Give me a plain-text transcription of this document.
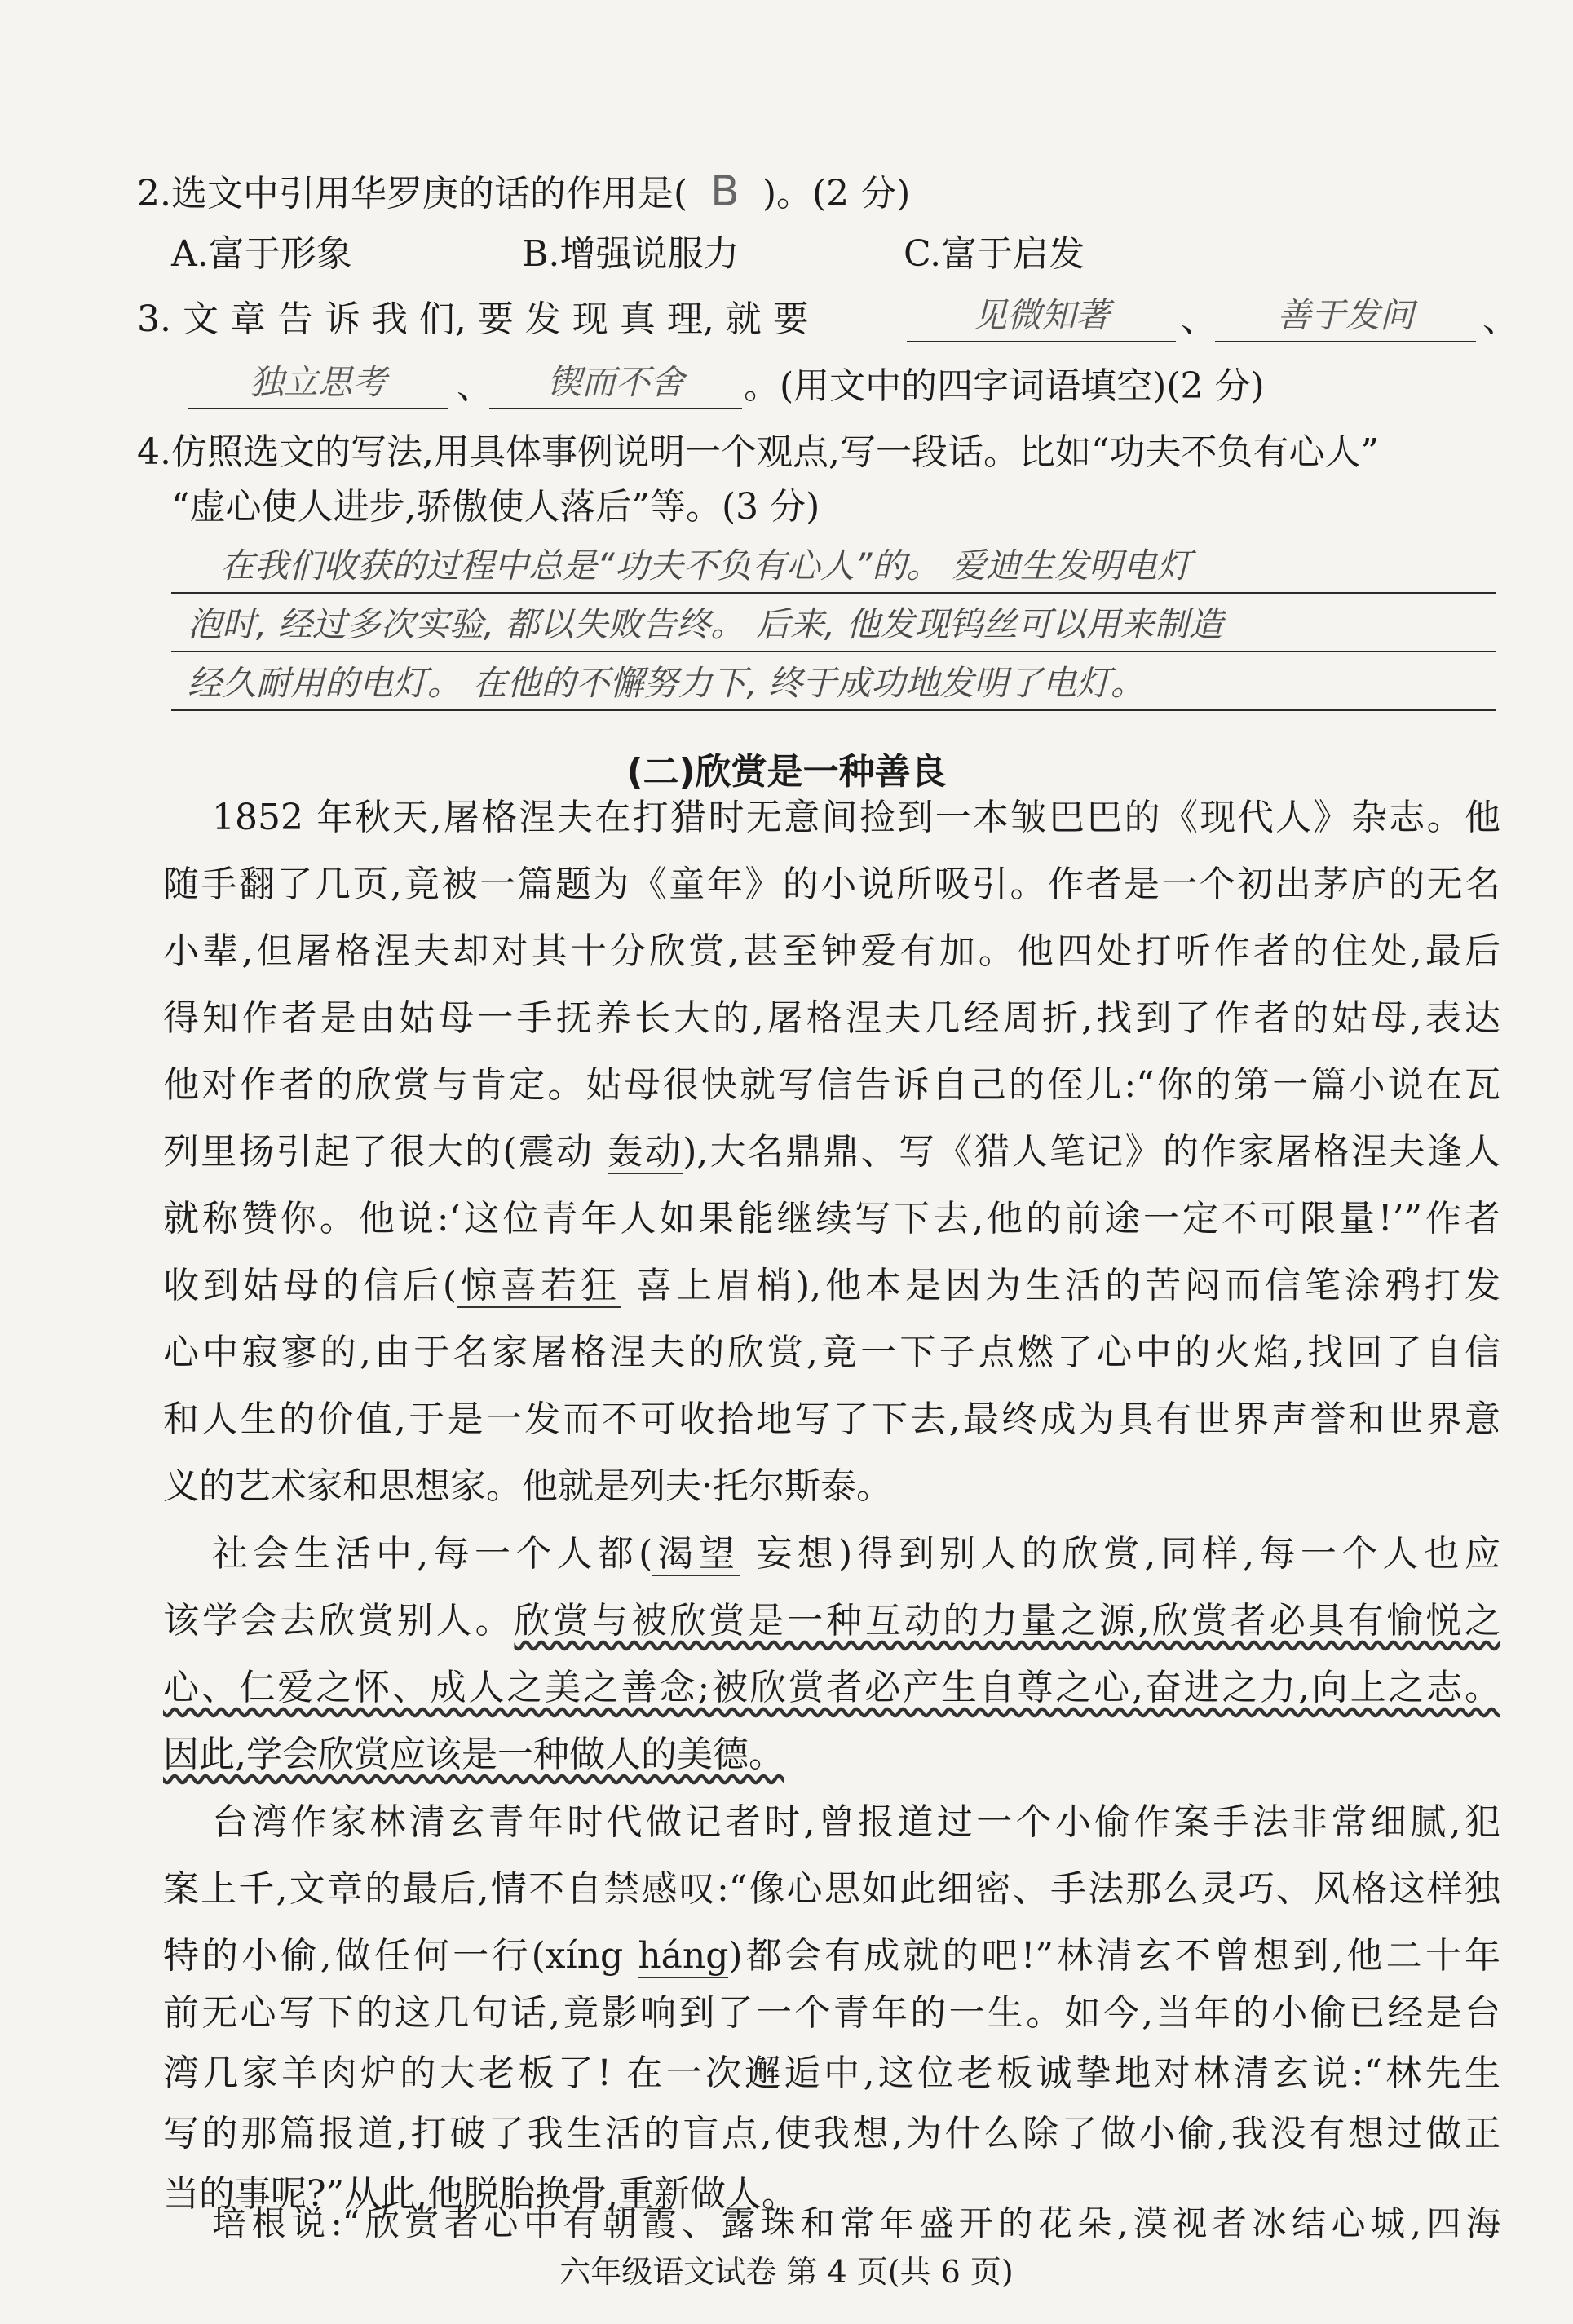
2.选文中引用华罗庚的话的作用是( B )。(2 分)
A.富于形象	B.增强说服力	C.富于启发
3. 文 章 告 诉 我 们, 要 发 现 真 理, 就 要	见微知著	、	善于发问	、
独立思考	、	锲而不舍	。(用文中的四字词语填空)(2 分)
4.仿照选文的写法,用具体事例说明一个观点,写一段话。比如“功夫不负有心人”
“虚心使人进步,骄傲使人落后”等。(3 分)
在我们收获的过程中总是“功夫不负有心人”的。 爱迪生发明电灯
泡时, 经过多次实验, 都以失败告终。 后来, 他发现钨丝可以用来制造
经久耐用的电灯。 在他的不懈努力下, 终于成功地发明了电灯。
(二)欣赏是一种善良
1852 年秋天,屠格涅夫在打猎时无意间捡到一本皱巴巴的《现代人》杂志。他
随手翻了几页,竟被一篇题为《童年》的小说所吸引。作者是一个初出茅庐的无名
小辈,但屠格涅夫却对其十分欣赏,甚至钟爱有加。他四处打听作者的住处,最后
得知作者是由姑母一手抚养长大的,屠格涅夫几经周折,找到了作者的姑母,表达
他对作者的欣赏与肯定。姑母很快就写信告诉自己的侄儿:“你的第一篇小说在瓦
列里扬引起了很大的(震动 轰动),大名鼎鼎、写《猎人笔记》的作家屠格涅夫逢人
就称赞你。他说:‘这位青年人如果能继续写下去,他的前途一定不可限量!’”作者
收到姑母的信后(惊喜若狂 喜上眉梢),他本是因为生活的苦闷而信笔涂鸦打发
心中寂寥的,由于名家屠格涅夫的欣赏,竟一下子点燃了心中的火焰,找回了自信
和人生的价值,于是一发而不可收拾地写了下去,最终成为具有世界声誉和世界意
义的艺术家和思想家。他就是列夫·托尔斯泰。
社会生活中,每一个人都(渴望 妄想)得到别人的欣赏,同样,每一个人也应
该学会去欣赏别人。欣赏与被欣赏是一种互动的力量之源,欣赏者必具有愉悦之
心、仁爱之怀、成人之美之善念;被欣赏者必产生自尊之心,奋进之力,向上之志。
因此,学会欣赏应该是一种做人的美德。
台湾作家林清玄青年时代做记者时,曾报道过一个小偷作案手法非常细腻,犯
案上千,文章的最后,情不自禁感叹:“像心思如此细密、手法那么灵巧、风格这样独
特的小偷,做任何一行(xíng háng)都会有成就的吧!”林清玄不曾想到,他二十年
前无心写下的这几句话,竟影响到了一个青年的一生。如今,当年的小偷已经是台
湾几家羊肉炉的大老板了! 在一次邂逅中,这位老板诚挚地对林清玄说:“林先生
写的那篇报道,打破了我生活的盲点,使我想,为什么除了做小偷,我没有想过做正
当的事呢?”从此,他脱胎换骨,重新做人。
六年级语文试卷 第 4 页(共 6 页)
培根说:“欣赏者心中有朝霞、露珠和常年盛开的花朵,漠视者冰结心城,四海
